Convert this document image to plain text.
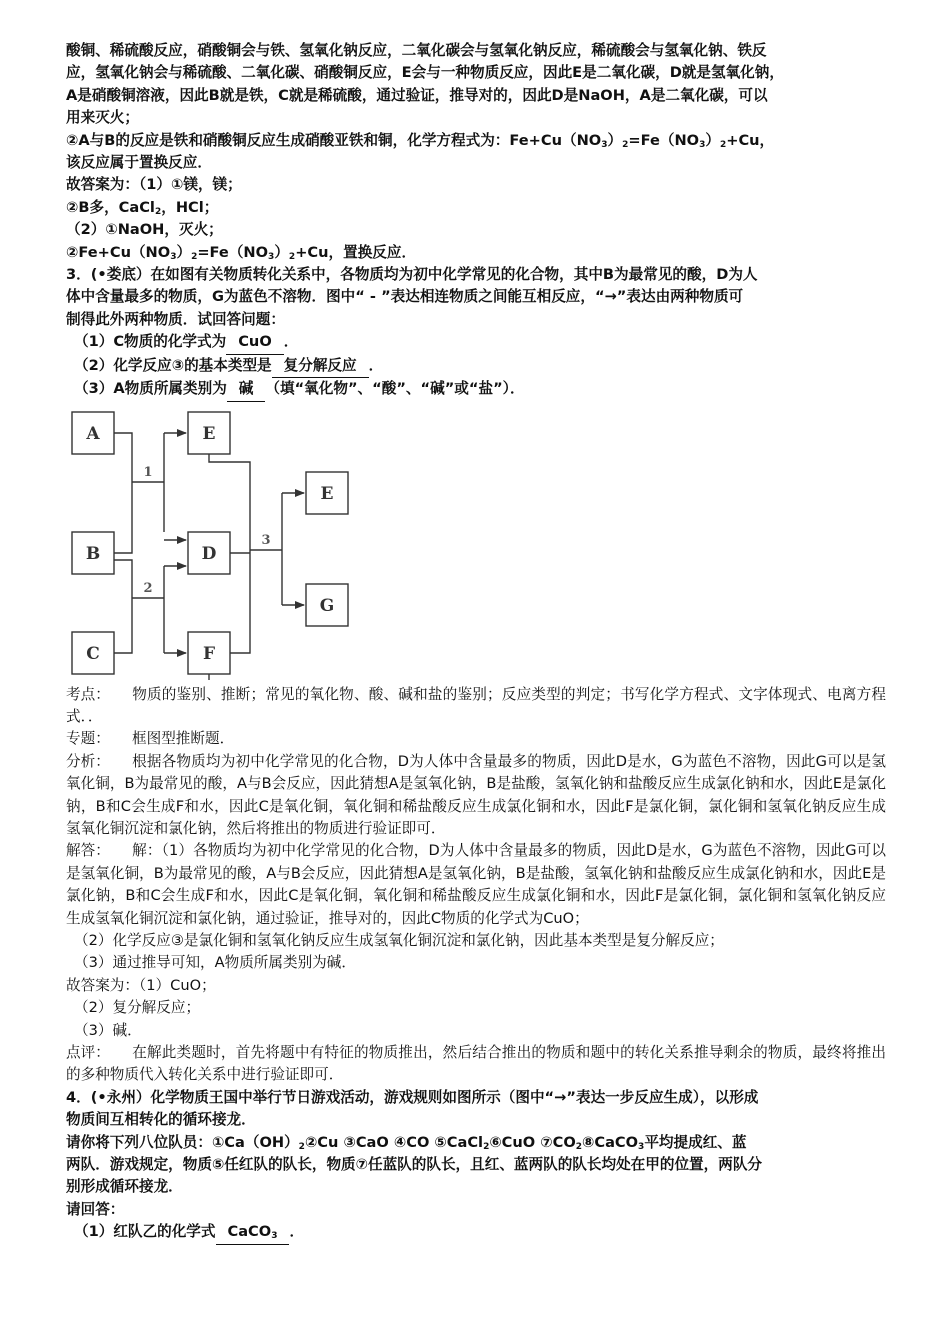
酸铜、稀硫酸反应，硝酸铜会与铁、氢氧化钠反应，二氧化碳会与氢氧化钠反应，稀硫酸会与氢氧化钠、铁反
应，氢氧化钠会与稀硫酸、二氧化碳、硝酸铜反应，E会与一种物质反应，因此E是二氧化碳，D就是氢氧化钠，
A是硝酸铜溶液，因此B就是铁，C就是稀硫酸，通过验证，推导对的，因此D是NaOH，A是二氧化碳，可以
用来灭火；
②A与B的反应是铁和硝酸铜反应生成硝酸亚铁和铜，化学方程式为：$Fe+Cu(NO_3)_2=Fe(NO_3)_2+Cu$，
该反应属于置换反应．
故答案为：（1）①镁，镁；
②B多，CaCl$_2$，HCl；
（2）①NaOH，灭火；
$②Fe+Cu(NO_3)_2=Fe(NO_3)_2+Cu$，置换反应．
3．(•娄底）在如图有关物质转化关系中，各物质均为初中化学常见的化合物，其中B为最常见的酸，D为人
体中含量最多的物质，G为蓝色不溶物．图中“ - ”表达相连物质之间能互相反应，“→”表达由两种物质可
制得此外两种物质．试回答问题：
（1）C物质的化学式为 CuO ．
（2）化学反应③的基本类型是 复分解反应 ．
（3）A物质所属类别为 碱 （填“氧化物”、“酸”、“碱”或“盐”）．
A
B
C
E
D
F
E
G
1
2
3
考点： 物质的鉴别、推断；常见的氧化物、酸、碱和盐的鉴别；反应类型的判定；书写化学方程式、文字体现式、电离方程式．．
专题： 框图型推断题．
分析： 根据各物质均为初中化学常见的化合物，D为人体中含量最多的物质，因此D是水，G为蓝色不溶物，因此G可以是氢氧化铜，B为最常见的酸，A与B会反应，因此猜想A是氢氧化钠，B是盐酸，氢氧化钠和盐酸反应生成氯化钠和水，因此E是氯化钠，B和C会生成F和水，因此C是氧化铜，氧化铜和稀盐酸反应生成氯化铜和水，因此F是氯化铜，氯化铜和氢氧化钠反应生成氢氧化铜沉淀和氯化钠，然后将推出的物质进行验证即可．
解答： 解：（1）各物质均为初中化学常见的化合物，D为人体中含量最多的物质，因此D是水，G为蓝色不溶物，因此G可以是氢氧化铜，B为最常见的酸，A与B会反应，因此猜想A是氢氧化钠，B是盐酸，氢氧化钠和盐酸反应生成氯化钠和水，因此E是氯化钠，B和C会生成F和水，因此C是氧化铜，氧化铜和稀盐酸反应生成氯化铜和水，因此F是氯化铜，氯化铜和氢氧化钠反应生成氢氧化铜沉淀和氯化钠，通过验证，推导对的，因此C物质的化学式为CuO；
（2）化学反应③是氯化铜和氢氧化钠反应生成氢氧化铜沉淀和氯化钠，因此基本类型是复分解反应；
（3）通过推导可知，A物质所属类别为碱．
故答案为：（1）CuO；
（2）复分解反应；
（3）碱．
点评： 在解此类题时，首先将题中有特征的物质推出，然后结合推出的物质和题中的转化关系推导剩余的物质，最终将推出的多种物质代入转化关系中进行验证即可．
4．(•永州）化学物质王国中举行节日游戏活动，游戏规则如图所示（图中“→”表达一步反应生成），以形成
物质间互相转化的循环接龙．
请你将下列八位队员：$①Ca(OH)_2②Cu$ ③CaO ④CO ⑤CaCl$_2$⑥CuO $⑦CO_2⑧CaCO_3$平均提成红、蓝
两队．游戏规定，物质⑤任红队的队长，物质⑦任蓝队的队长，且红、蓝两队的队长均处在甲的位置，两队分
别形成循环接龙．
请回答：
（1）红队乙的化学式 CaCO$_3$ ．
